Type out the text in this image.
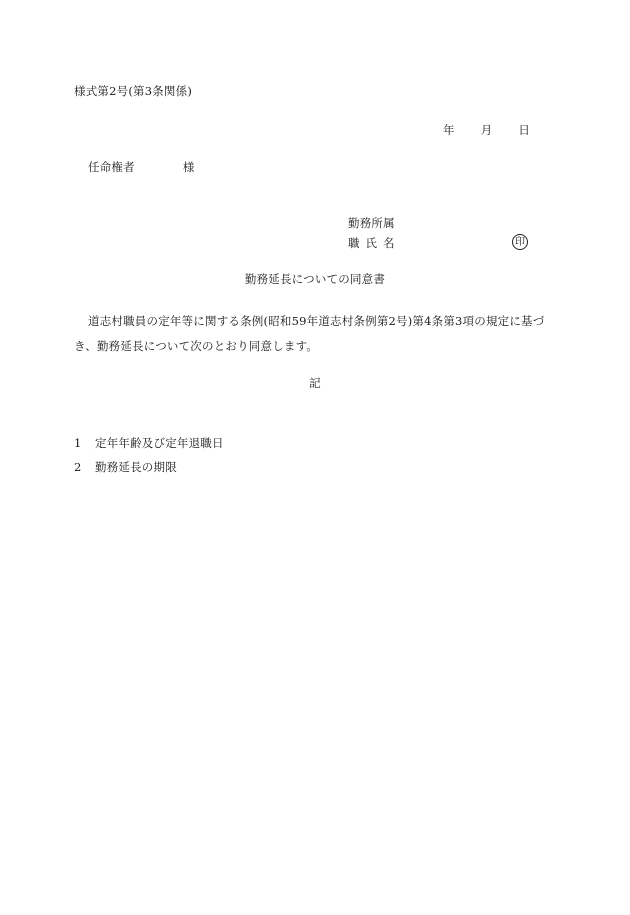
様式第2号(第3条関係)
年 月 日
任命権者	様
勤務所属
職氏名	印
勤務延長についての同意書
道志村職員の定年等に関する条例(昭和59年道志村条例第2号)第4条第3項の規定に基づ
き、勤務延長について次のとおり同意します。
記
1 定年年齢及び定年退職日
2 勤務延長の期限
